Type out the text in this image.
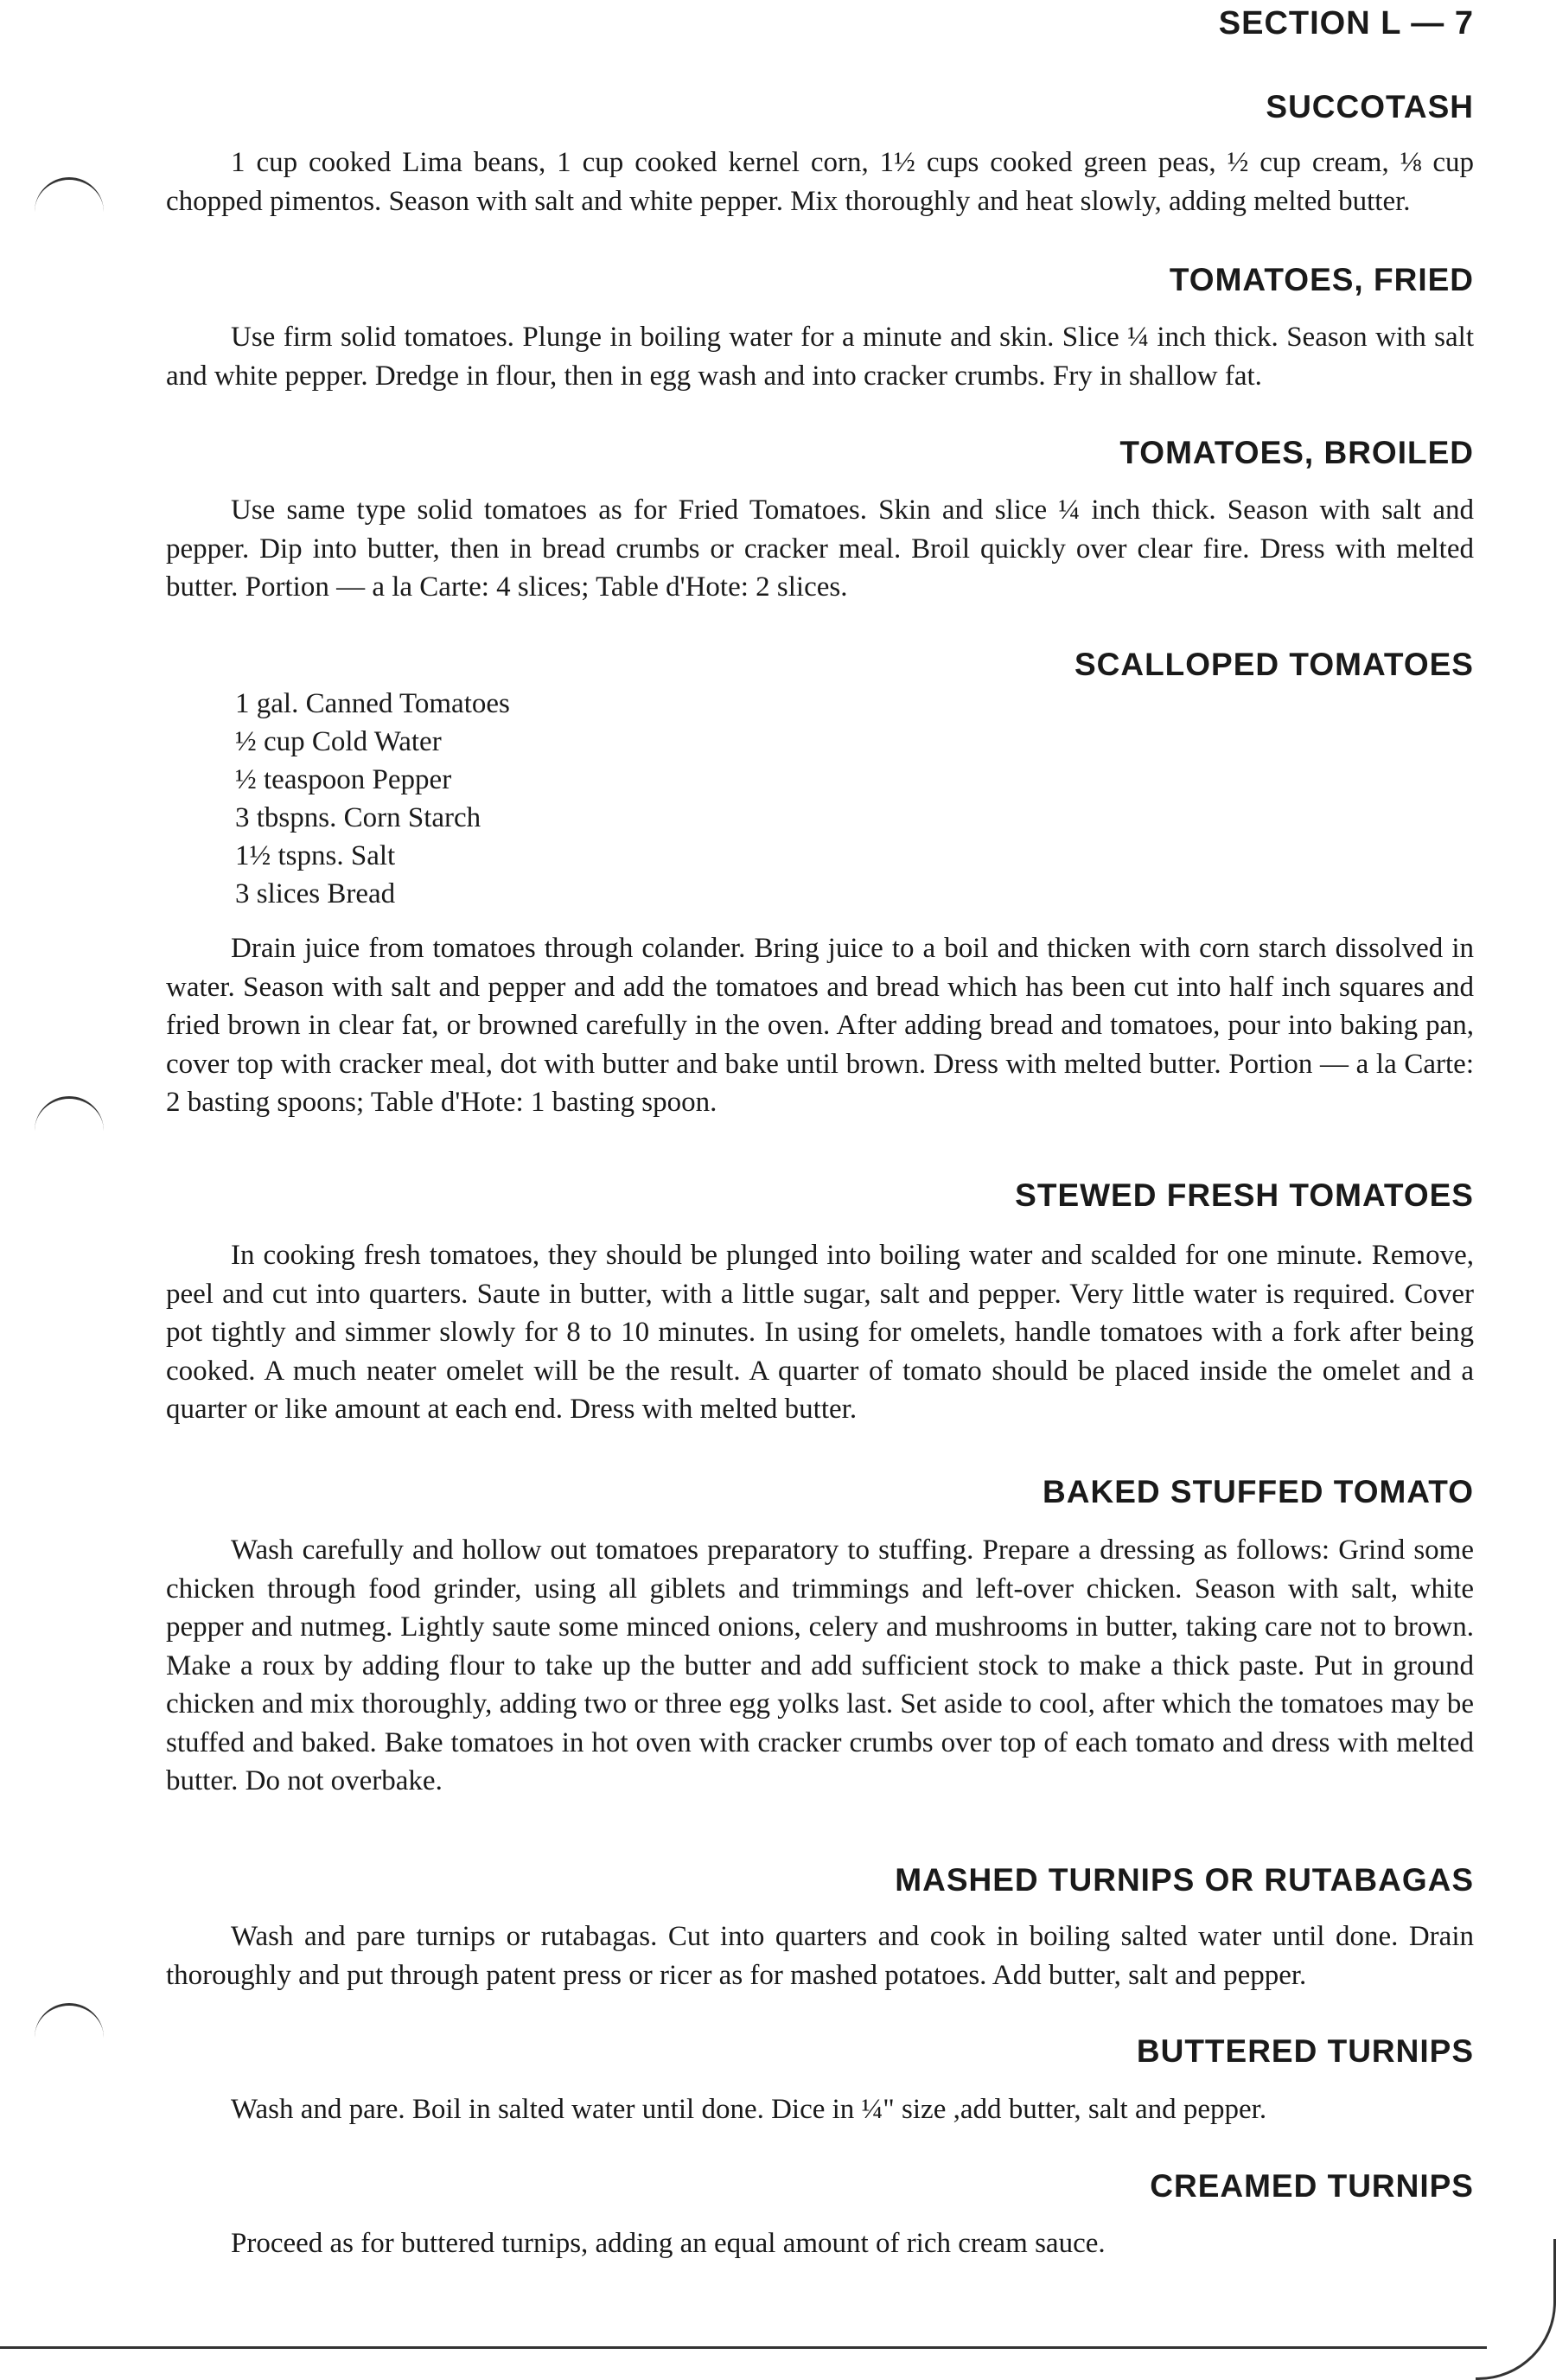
SECTION L — 7
SUCCOTASH
1 cup cooked Lima beans, 1 cup cooked kernel corn, 1½ cups cooked green peas, ½ cup cream, ⅛ cup chopped pimentos. Season with salt and white pepper. Mix thoroughly and heat slowly, adding melted butter.
TOMATOES, FRIED
Use firm solid tomatoes. Plunge in boiling water for a minute and skin. Slice ¼ inch thick. Season with salt and white pepper. Dredge in flour, then in egg wash and into cracker crumbs. Fry in shallow fat.
TOMATOES, BROILED
Use same type solid tomatoes as for Fried Tomatoes. Skin and slice ¼ inch thick. Season with salt and pepper. Dip into butter, then in bread crumbs or cracker meal. Broil quickly over clear fire. Dress with melted butter. Portion — a la Carte: 4 slices; Table d'Hote: 2 slices.
SCALLOPED TOMATOES
1 gal. Canned Tomatoes
½ cup Cold Water
½ teaspoon Pepper
3 tbspns. Corn Starch
1½ tspns. Salt
3 slices Bread
Drain juice from tomatoes through colander. Bring juice to a boil and thicken with corn starch dissolved in water. Season with salt and pepper and add the tomatoes and bread which has been cut into half inch squares and fried brown in clear fat, or browned carefully in the oven. After adding bread and tomatoes, pour into baking pan, cover top with cracker meal, dot with butter and bake until brown. Dress with melted butter. Portion — a la Carte: 2 basting spoons; Table d'Hote: 1 basting spoon.
STEWED FRESH TOMATOES
In cooking fresh tomatoes, they should be plunged into boiling water and scalded for one minute. Remove, peel and cut into quarters. Saute in butter, with a little sugar, salt and pepper. Very little water is required. Cover pot tightly and simmer slowly for 8 to 10 minutes. In using for omelets, handle tomatoes with a fork after being cooked. A much neater omelet will be the result. A quarter of tomato should be placed inside the omelet and a quarter or like amount at each end. Dress with melted butter.
BAKED STUFFED TOMATO
Wash carefully and hollow out tomatoes preparatory to stuffing. Prepare a dressing as follows: Grind some chicken through food grinder, using all giblets and trimmings and left-over chicken. Season with salt, white pepper and nutmeg. Lightly saute some minced onions, celery and mushrooms in butter, taking care not to brown. Make a roux by adding flour to take up the butter and add sufficient stock to make a thick paste. Put in ground chicken and mix thoroughly, adding two or three egg yolks last. Set aside to cool, after which the tomatoes may be stuffed and baked. Bake tomatoes in hot oven with cracker crumbs over top of each tomato and dress with melted butter. Do not overbake.
MASHED TURNIPS OR RUTABAGAS
Wash and pare turnips or rutabagas. Cut into quarters and cook in boiling salted water until done. Drain thoroughly and put through patent press or ricer as for mashed potatoes. Add butter, salt and pepper.
BUTTERED TURNIPS
Wash and pare. Boil in salted water until done. Dice in ¼" size ,add butter, salt and pepper.
CREAMED TURNIPS
Proceed as for buttered turnips, adding an equal amount of rich cream sauce.
